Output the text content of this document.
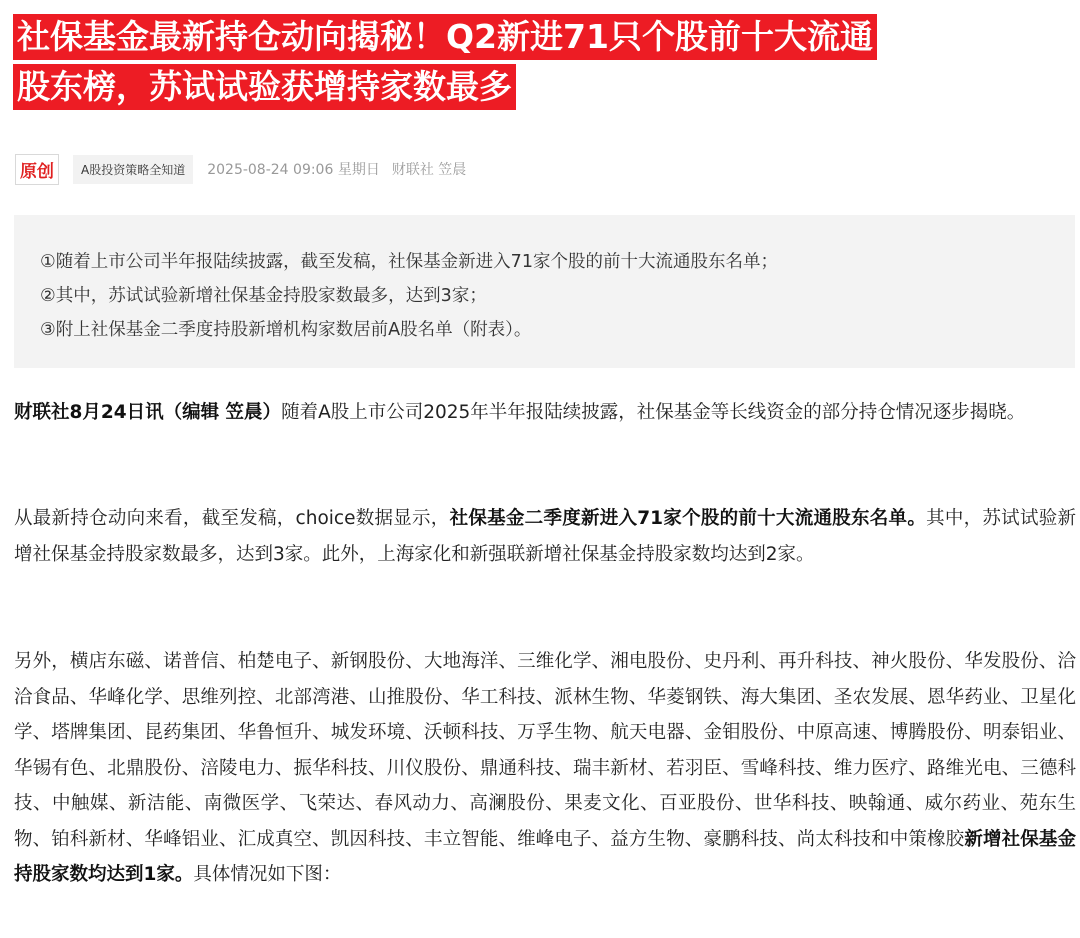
社保基金最新持仓动向揭秘！Q2新进71只个股前十大流通
股东榜，苏试试验获增持家数最多
原创	A股投资策略全知道	2025-08-24 09:06 星期日 财联社 笠晨

①随着上市公司半年报陆续披露，截至发稿，社保基金新进入71家个股的前十大流通股东名单；

②其中，苏试试验新增社保基金持股家数最多，达到3家；

③附上社保基金二季度持股新增机构家数居前A股名单（附表）。

财联社8月24日讯（编辑 笠晨）随着A股上市公司2025年半年报陆续披露，社保基金等长线资金的部分持仓情况逐步揭晓。

从最新持仓动向来看，截至发稿，choice数据显示，社保基金二季度新进入71家个股的前十大流通股东名单。其中，苏试试验新增社保基金持股家数最多，达到3家。此外，上海家化和新强联新增社保基金持股家数均达到2家。

另外，横店东磁、诺普信、柏楚电子、新钢股份、大地海洋、三维化学、湘电股份、史丹利、再升科技、神火股份、华发股份、洽洽食品、华峰化学、思维列控、北部湾港、山推股份、华工科技、派林生物、华菱钢铁、海大集团、圣农发展、恩华药业、卫星化学、塔牌集团、昆药集团、华鲁恒升、城发环境、沃顿科技、万孚生物、航天电器、金钼股份、中原高速、博腾股份、明泰铝业、华锡有色、北鼎股份、涪陵电力、振华科技、川仪股份、鼎通科技、瑞丰新材、若羽臣、雪峰科技、维力医疗、路维光电、三德科技、中触媒、新洁能、南微医学、飞荣达、春风动力、高澜股份、果麦文化、百亚股份、世华科技、映翰通、威尔药业、苑东生物、铂科新材、华峰铝业、汇成真空、凯因科技、丰立智能、维峰电子、益方生物、豪鹏科技、尚太科技和中策橡胶新增社保基金持股家数均达到1家。具体情况如下图：
